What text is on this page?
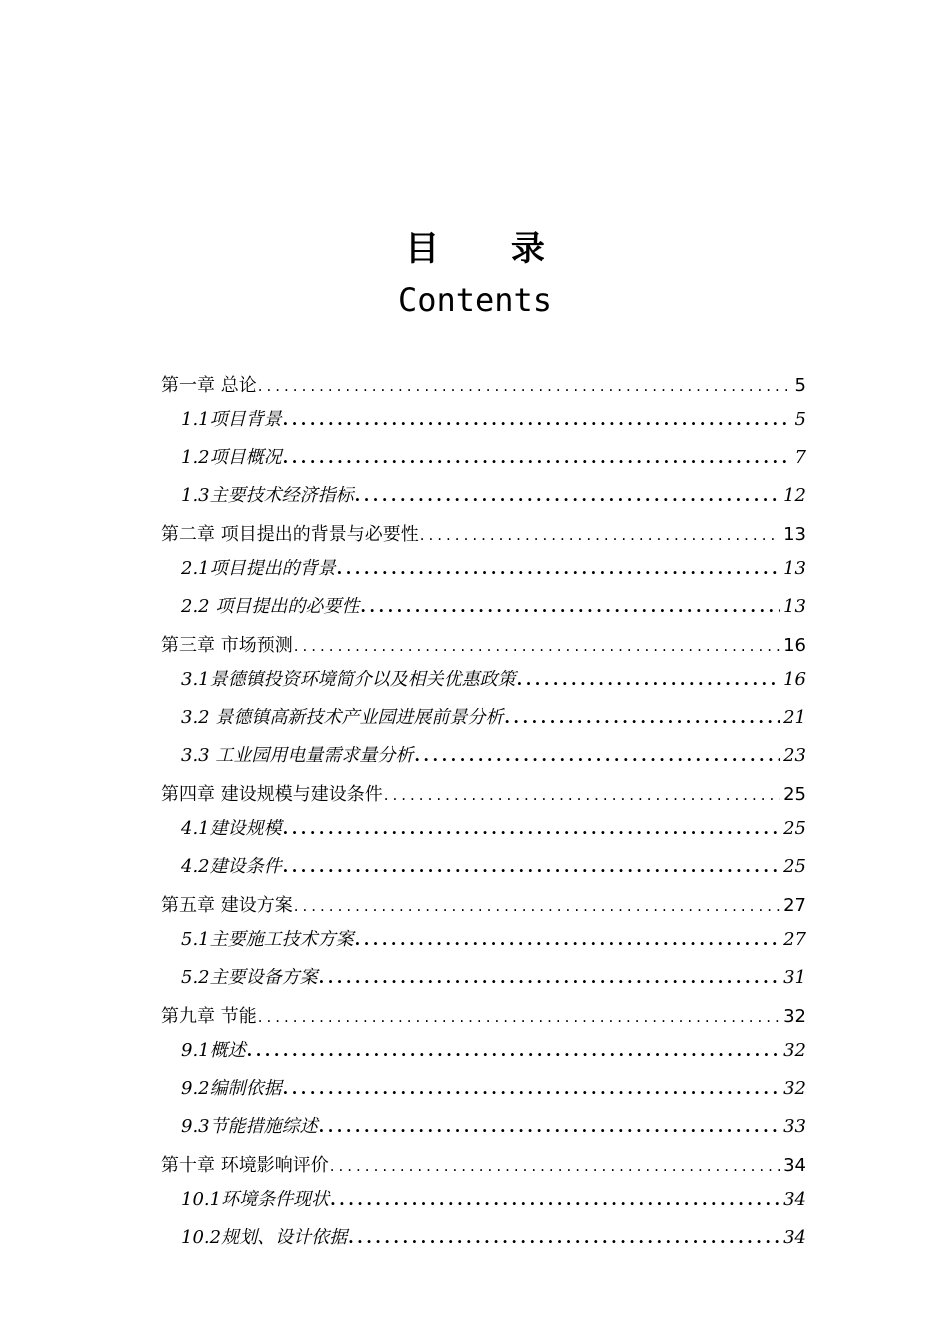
目 录
Contents
第一章 总论 .....	5
1.1项目背景 .....	5
1.2项目概况 .....	7
1.3主要技术经济指标 .....	12
第二章 项目提出的背景与必要性 .....	13
2.1项目提出的背景 .....	13
2.2 项目提出的必要性 .....	13
第三章 市场预测 .....	16
3.1景德镇投资环境简介以及相关优惠政策 .....	16
3.2 景德镇高新技术产业园进展前景分析 .....	21
3.3 工业园用电量需求量分析 .....	23
第四章 建设规模与建设条件 .....	25
4.1建设规模 .....	25
4.2建设条件 .....	25
第五章 建设方案 .....	27
5.1主要施工技术方案 .....	27
5.2主要设备方案 .....	31
第九章 节能 .....	32
9.1概述 .....	32
9.2编制依据 .....	32
9.3节能措施综述 .....	33
第十章 环境影响评价 .....	34
10.1环境条件现状 .....	34
10.2规划、设计依据 .....	34
